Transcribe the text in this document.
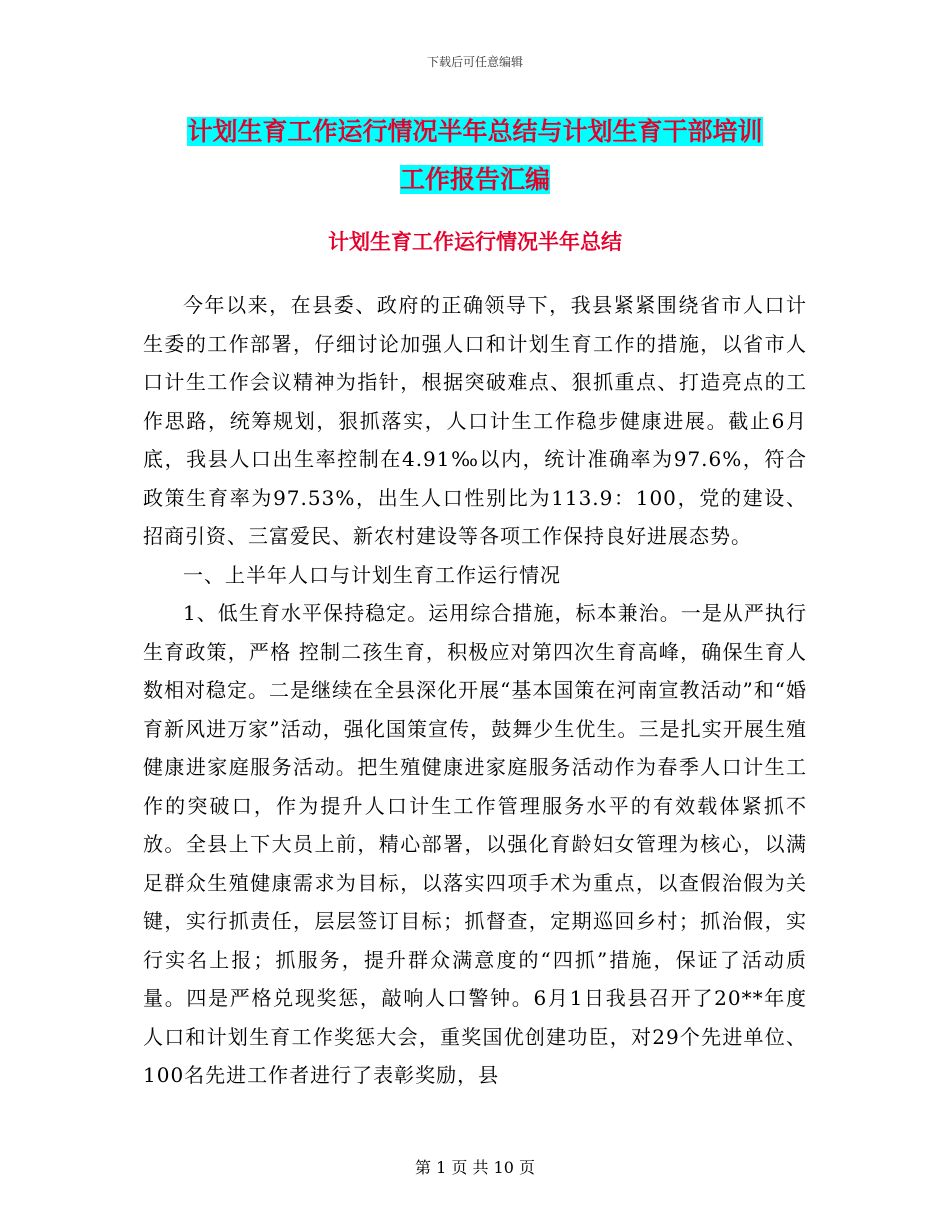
下载后可任意编辑
计划生育工作运行情况半年总结与计划生育干部培训
工作报告汇编
计划生育工作运行情况半年总结

今年以来，在县委、政府的正确领导下，我县紧紧围绕省市人口计生委的工作部署，仔细讨论加强人口和计划生育工作的措施，以省市人口计生工作会议精神为指针，根据突破难点、狠抓重点、打造亮点的工作思路，统筹规划，狠抓落实，人口计生工作稳步健康进展。截止6月底，我县人口出生率控制在4.91‰以内，统计准确率为97.6%，符合政策生育率为97.53%，出生人口性别比为113.9：100，党的建设、招商引资、三富爱民、新农村建设等各项工作保持良好进展态势。

一、上半年人口与计划生育工作运行情况

1、低生育水平保持稳定。运用综合措施，标本兼治。一是从严执行生育政策，严格 控制二孩生育，积极应对第四次生育高峰，确保生育人数相对稳定。二是继续在全县深化开展“基本国策在河南宣教活动”和“婚育新风进万家”活动，强化国策宣传，鼓舞少生优生。三是扎实开展生殖健康进家庭服务活动。把生殖健康进家庭服务活动作为春季人口计生工作的突破口，作为提升人口计生工作管理服务水平的有效载体紧抓不放。全县上下大员上前，精心部署，以强化育龄妇女管理为核心，以满足群众生殖健康需求为目标，以落实四项手术为重点，以查假治假为关键，实行抓责任，层层签订目标；抓督查，定期巡回乡村；抓治假，实行实名上报；抓服务，提升群众满意度的“四抓”措施，保证了活动质量。四是严格兑现奖惩，敲响人口警钟。6月1日我县召开了20**年度人口和计划生育工作奖惩大会，重奖国优创建功臣，对29个先进单位、100名先进工作者进行了表彰奖励，县

第 1 页 共 10 页
